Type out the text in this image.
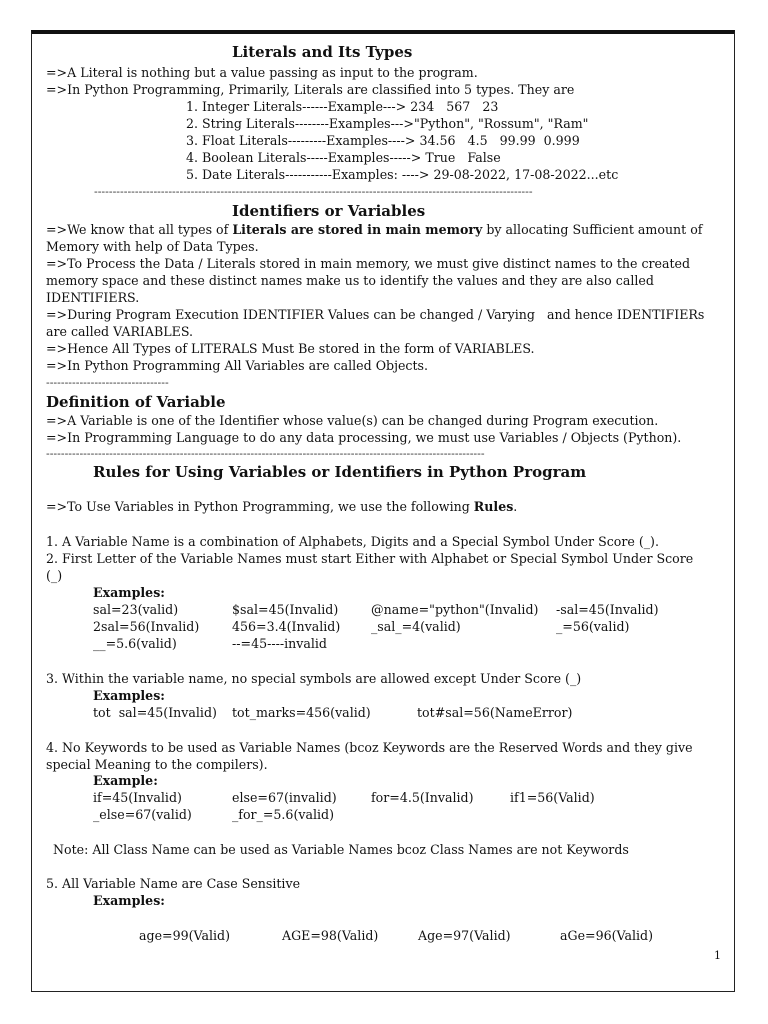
Literals and Its Types
=>A Literal is nothing but a value passing as input to the program.
=>In Python Programming, Primarily, Literals are classified into 5 types. They are
1. Integer Literals------Example---> 234   567   23
2. String Literals--------Examples--->"Python", "Rossum", "Ram"
3. Float Literals---------Examples----> 34.56   4.5   99.99  0.999
4. Boolean Literals-----Examples-----> True   False
5. Date Literals-----------Examples: ----> 29-08-2022, 17-08-2022...etc
----------------------------------------------------------------------------------------------------------------------
Identifiers or Variables
=>We know that all types of Literals are stored in main memory by allocating Sufficient amount of
Memory with help of Data Types.
=>To Process the Data / Literals stored in main memory, we must give distinct names to the created
memory space and these distinct names make us to identify the values and they are also called
IDENTIFIERS.
=>During Program Execution IDENTIFIER Values can be changed / Varying   and hence IDENTIFIERs
are called VARIABLES.
=>Hence All Types of LITERALS Must Be stored in the form of VARIABLES.
=>In Python Programming All Variables are called Objects.
---------------------------------
Definition of Variable
=>A Variable is one of the Identifier whose value(s) can be changed during Program execution.
=>In Programming Language to do any data processing, we must use Variables / Objects (Python).
----------------------------------------------------------------------------------------------------------------------
Rules for Using Variables or Identifiers in Python Program
=>To Use Variables in Python Programming, we use the following Rules.
1. A Variable Name is a combination of Alphabets, Digits and a Special Symbol Under Score (_).
2. First Letter of the Variable Names must start Either with Alphabet or Special Symbol Under Score
(_)
Examples:
sal=23(valid)	$sal=45(Invalid)	@name="python"(Invalid) -sal=45(Invalid)
2sal=56(Invalid)	456=3.4(Invalid) _sal_=4(valid)	_=56(valid)
__=5.6(valid)	--=45----invalid
3. Within the variable name, no special symbols are allowed except Under Score (_)
Examples:
tot  sal=45(Invalid) tot_marks=456(valid)	tot#sal=56(NameError)
4. No Keywords to be used as Variable Names (bcoz Keywords are the Reserved Words and they give
special Meaning to the compilers).
Example:
if=45(Invalid)	else=67(invalid)	for=4.5(Invalid)	if1=56(Valid)
_else=67(valid)	_for_=5.6(valid)
Note: All Class Name can be used as Variable Names bcoz Class Names are not Keywords
5. All Variable Name are Case Sensitive
Examples:
age=99(Valid)	AGE=98(Valid)	Age=97(Valid)	aGe=96(Valid)
1
